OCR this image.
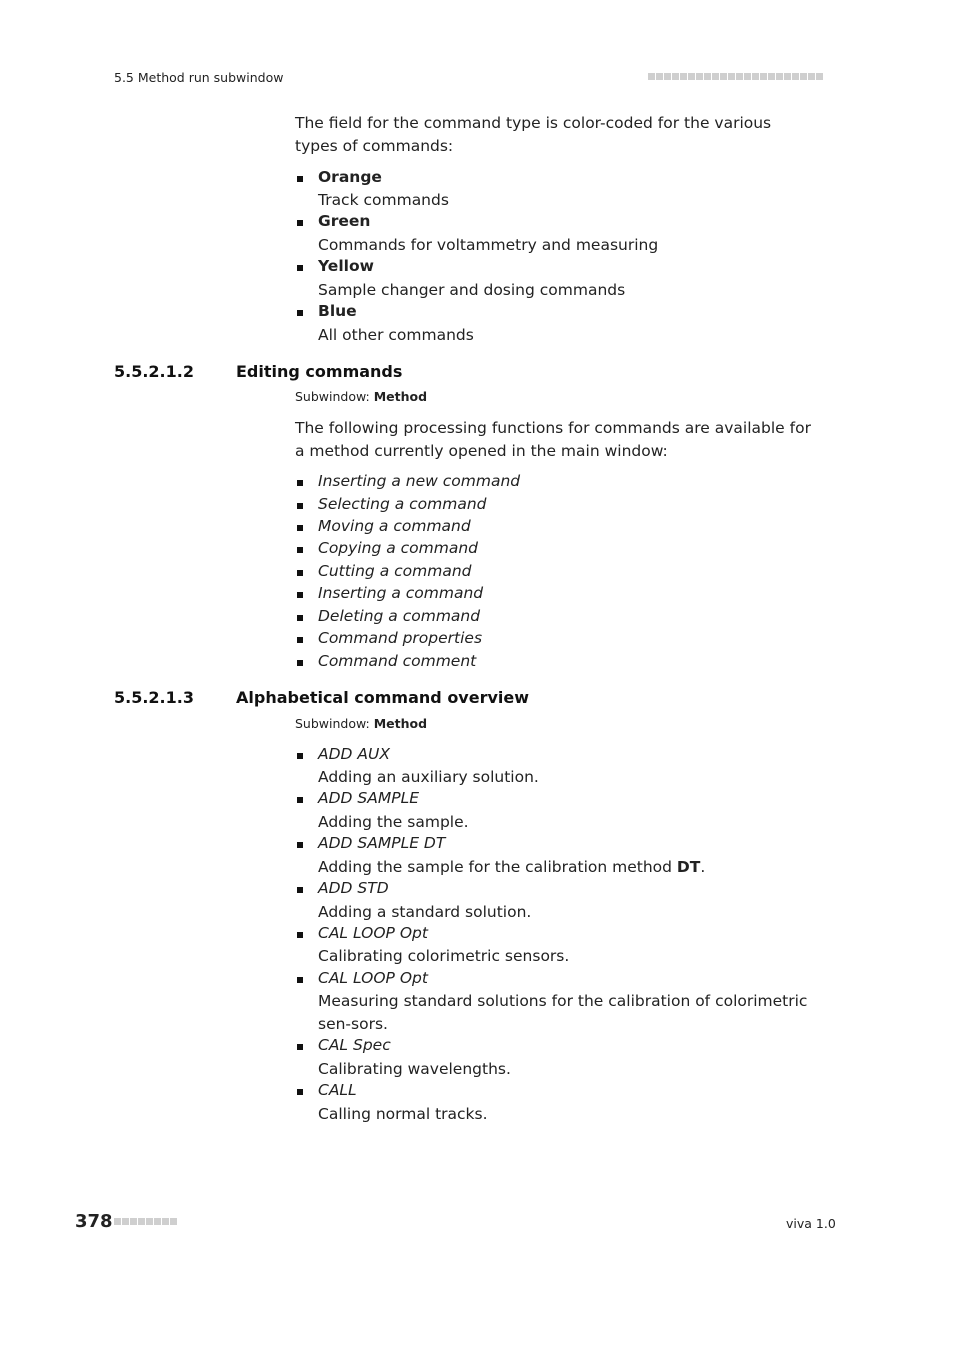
5.5 Method run subwindow
The field for the command type is color-coded for the various types of commands:
Orange
Track commands
Green
Commands for voltammetry and measuring
Yellow
Sample changer and dosing commands
Blue
All other commands
5.5.2.1.2	Editing commands
Subwindow: Method
The following processing functions for commands are available for a method currently opened in the main window:
Inserting a new command
Selecting a command
Moving a command
Copying a command
Cutting a command
Inserting a command
Deleting a command
Command properties
Command comment
5.5.2.1.3	Alphabetical command overview
Subwindow: Method
ADD AUX
Adding an auxiliary solution.
ADD SAMPLE
Adding the sample.
ADD SAMPLE DT
Adding the sample for the calibration method DT.
ADD STD
Adding a standard solution.
CAL LOOP Opt
Calibrating colorimetric sensors.
CAL LOOP Opt
Measuring standard solutions for the calibration of colorimetric sen-sors.
CAL Spec
Calibrating wavelengths.
CALL
Calling normal tracks.
378	viva 1.0
